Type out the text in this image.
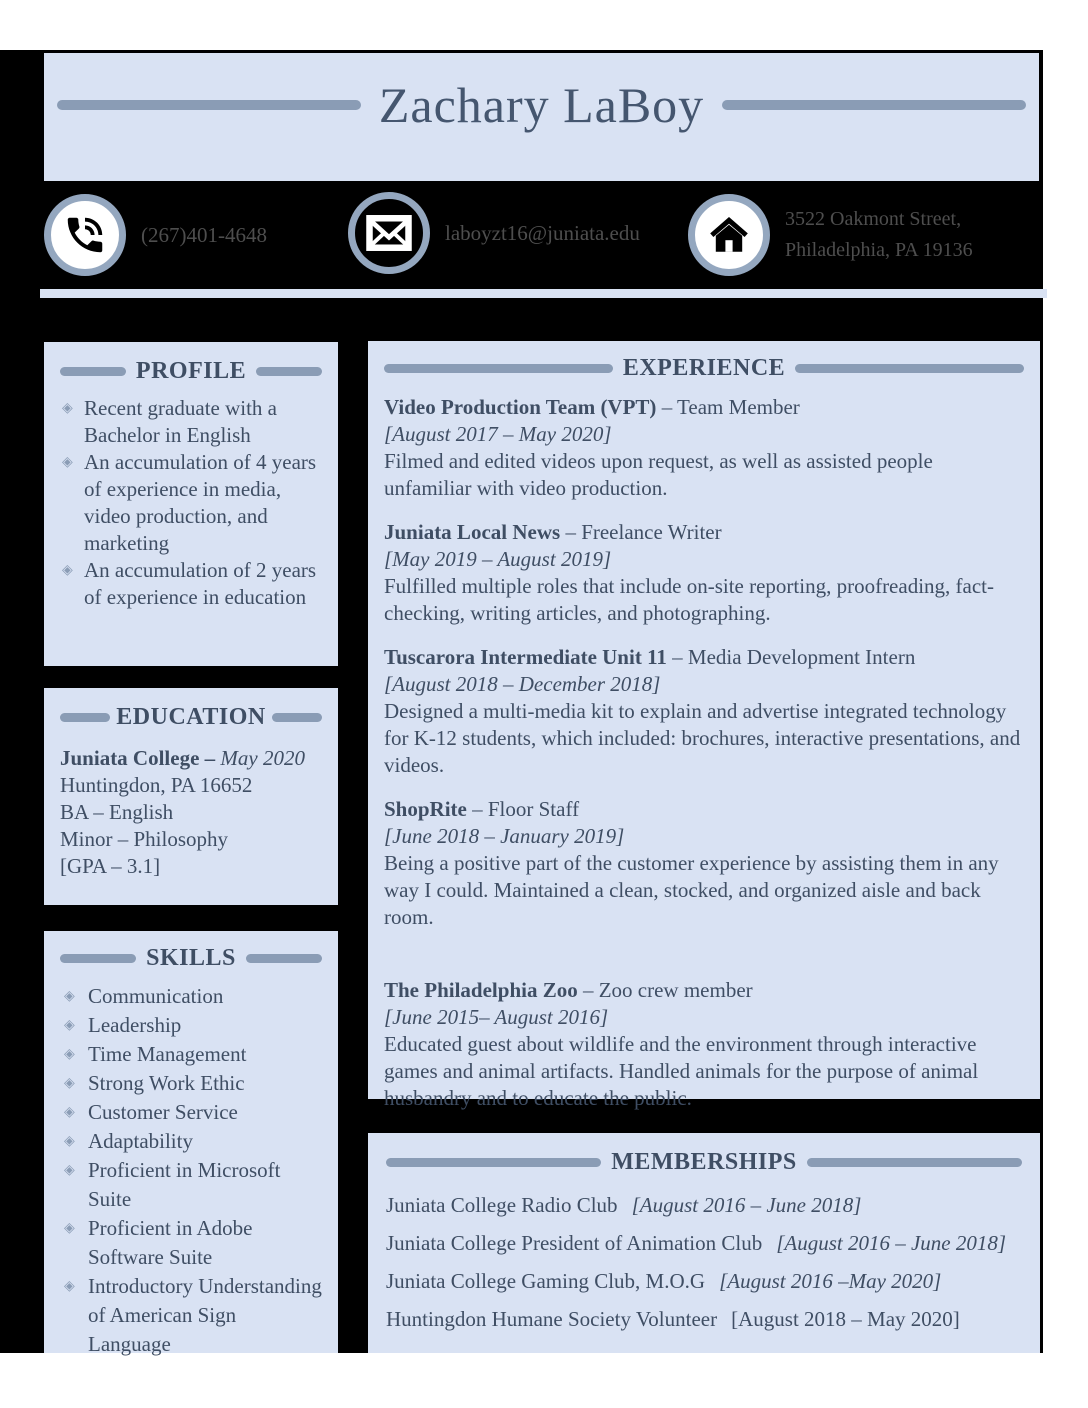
Zachary LaBoy
(267)401-4648	laboyzt16@juniata.edu
3522 Oakmont Street,
Philadelphia, PA 19136
PROFILE
◈ Recent graduate with a Bachelor in English
◈ An accumulation of 4 years of experience in media, video production, and marketing
◈ An accumulation of 2 years of experience in education
EDUCATION
Juniata College – May 2020
Huntingdon, PA 16652
BA – English
Minor – Philosophy
[GPA – 3.1]
SKILLS
◈ Communication
◈ Leadership
◈ Time Management
◈ Strong Work Ethic
◈ Customer Service
◈ Adaptability
◈ Proficient in Microsoft Suite
◈ Proficient in Adobe Software Suite
◈ Introductory Understanding of American Sign Language
EXPERIENCE
Video Production Team (VPT) – Team Member
[August 2017 – May 2020]
Filmed and edited videos upon request, as well as assisted people unfamiliar with video production.
Juniata Local News – Freelance Writer
[May 2019 – August 2019]
Fulfilled multiple roles that include on-site reporting, proofreading, fact-checking, writing articles, and photographing.
Tuscarora Intermediate Unit 11 – Media Development Intern
[August 2018 – December 2018]
Designed a multi-media kit to explain and advertise integrated technology for K-12 students, which included: brochures, interactive presentations, and videos.
ShopRite – Floor Staff
[June 2018 – January 2019]
Being a positive part of the customer experience by assisting them in any way I could. Maintained a clean, stocked, and organized aisle and back room.
The Philadelphia Zoo – Zoo crew member
[June 2015– August 2016]
Educated guest about wildlife and the environment through interactive games and animal artifacts. Handled animals for the purpose of animal husbandry and to educate the public.
MEMBERSHIPS
Juniata College Radio Club [August 2016 – June 2018]
Juniata College President of Animation Club [August 2016 – June 2018]
Juniata College Gaming Club, M.O.G [August 2016 –May 2020]
Huntingdon Humane Society Volunteer [August 2018 – May 2020]
